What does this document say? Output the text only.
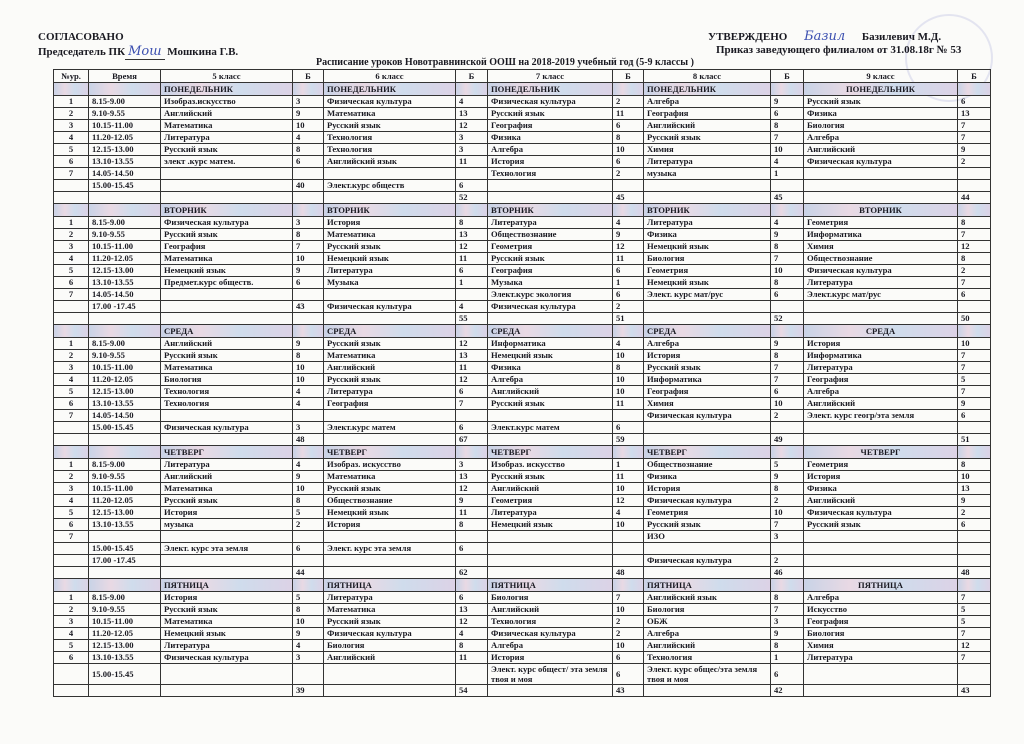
СОГЛАСОВАНО
Председатель ПК Мош Мошкина Г.В.
УТВЕРЖДЕНО Базил Базилевич М.Д.
Приказ заведующего филиалом от 31.08.18г № 53
Расписание уроков Новотравнинской ООШ на 2018-2019 учебный год (5-9 классы )
№ур.	Время	5 класс	Б	6 класс	Б	7 класс	Б	8 класс	Б	9 класс	Б
		ПОНЕДЕЛЬНИК		ПОНЕДЕЛЬНИК		ПОНЕДЕЛЬНИК		ПОНЕДЕЛЬНИК		ПОНЕДЕЛЬНИК	
1	8.15-9.00	Изобраз.искусство	3	Физическая культура	4	Физическая культура	2	Алгебра	9	Русский язык	6
2	9.10-9.55	Английский	9	Математика	13	Русский язык	11	География	6	Физика	13
3	10.15-11.00	Математика	10	Русский язык	12	География	6	Английский	8	Биология	7
4	11.20-12.05	Литература	4	Технология	3	Физика	8	Русский язык	7	Алгебра	7
5	12.15-13.00	Русский язык	8	Технология	3	Алгебра	10	Химия	10	Английский	9
6	13.10-13.55	элект .курс матем.	6	Английский язык	11	История	6	Литература	4	Физическая культура	2
7	14.05-14.50					Технология	2	музыка	1		
	15.00-15.45		40	Элект.курс обществ	6						
					52		45		45		44
		ВТОРНИК		ВТОРНИК		ВТОРНИК		ВТОРНИК		ВТОРНИК	
1	8.15-9.00	Физическая культура	3	История	8	Литература	4	Литература	4	Геометрия	8
2	9.10-9.55	Русский язык	8	Математика	13	Обществознание	9	Физика	9	Информатика	7
3	10.15-11.00	География	7	Русский язык	12	Геометрия	12	Немецкий язык	8	Химия	12
4	11.20-12.05	Математика	10	Немецкий язык	11	Русский язык	11	Биология	7	Обществознание	8
5	12.15-13.00	Немецкий язык	9	Литература	6	География	6	Геометрия	10	Физическая культура	2
6	13.10-13.55	Предмет.курс обществ.	6	Музыка	1	Музыка	1	Немецкий язык	8	Литература	7
7	14.05-14.50					Элект.курс экология	6	Элект. курс мат/рус	6	Элект.курс мат/рус	6
	17.00 -17.45		43	Физическая культура	4	Физическая культура	2				
					55		51		52		50
		СРЕДА		СРЕДА		СРЕДА		СРЕДА		СРЕДА	
1	8.15-9.00	Английский	9	Русский язык	12	Информатика	4	Алгебра	9	История	10
2	9.10-9.55	Русский язык	8	Математика	13	Немецкий язык	10	История	8	Информатика	7
3	10.15-11.00	Математика	10	Английский	11	Физика	8	Русский язык	7	Литература	7
4	11.20-12.05	Биология	10	Русский язык	12	Алгебра	10	Информатика	7	География	5
5	12.15-13.00	Технология	4	Литература	6	Английский	10	География	6	Алгебра	7
6	13.10-13.55	Технология	4	География	7	Русский язык	11	Химия	10	Английский	9
7	14.05-14.50							Физическая культура	2	Элект. курс геогр/эта земля	6
	15.00-15.45	Физическая культура	3	Элект.курс матем	6	Элект.курс матем	6				
			48		67		59		49		51
		ЧЕТВЕРГ		ЧЕТВЕРГ		ЧЕТВЕРГ		ЧЕТВЕРГ		ЧЕТВЕРГ	
1	8.15-9.00	Литература	4	Изобраз. искусство	3	Изобраз. искусство	1	Обществознание	5	Геометрия	8
2	9.10-9.55	Английский	9	Математика	13	Русский язык	11	Физика	9	История	10
3	10.15-11.00	Математика	10	Русский язык	12	Английский	10	История	8	Физика	13
4	11.20-12.05	Русский язык	8	Обществознание	9	Геометрия	12	Физическая культура	2	Английский	9
5	12.15-13.00	История	5	Немецкий язык	11	Литература	4	Геометрия	10	Физическая культура	2
6	13.10-13.55	музыка	2	История	8	Немецкий язык	10	Русский язык	7	Русский язык	6
7								ИЗО	3		
	15.00-15.45	Элект. курс эта земля	6	Элект. курс эта земля	6						
	17.00 -17.45							Физическая культура	2		
			44		62		48		46		48
		ПЯТНИЦА		ПЯТНИЦА		ПЯТНИЦА		ПЯТНИЦА		ПЯТНИЦА	
1	8.15-9.00	История	5	Литература	6	Биология	7	Английский язык	8	Алгебра	7
2	9.10-9.55	Русский язык	8	Математика	13	Английский	10	Биология	7	Искусство	5
3	10.15-11.00	Математика	10	Русский язык	12	Технология	2	ОБЖ	3	География	5
4	11.20-12.05	Немецкий язык	9	Физическая культура	4	Физическая культура	2	Алгебра	9	Биология	7
5	12.15-13.00	Литература	4	Биология	8	Алгебра	10	Английский	8	Химия	12
6	13.10-13.55	Физическая культура	3	Английский	11	История	6	Технология	1	Литература	7
	15.00-15.45					Элект. курс общест/ эта земля твоя и моя	6	Элект. курс общес/эта земля твоя и моя	6		
			39		54		43		42		43
